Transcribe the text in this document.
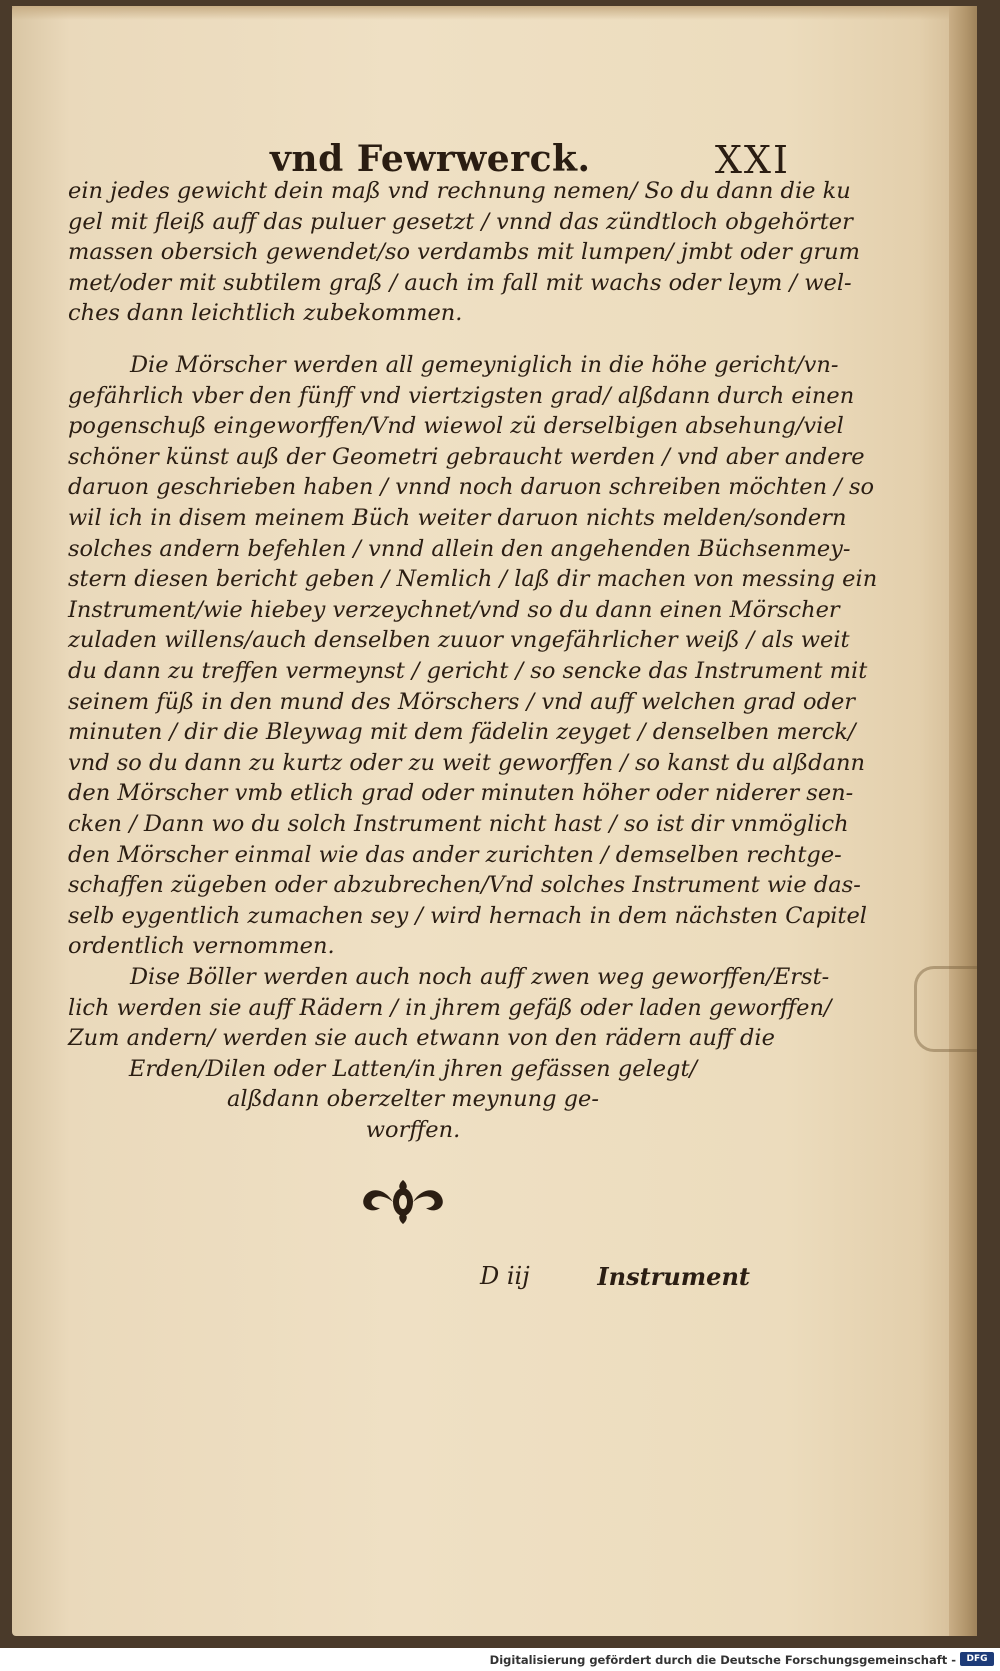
vnd Fewrwerck.	XXI
ein jedes gewicht dein maß vnd rechnung nemen/ So du dann die ku
gel mit fleiß auff das puluer gesetzt / vnnd das zündtloch obgehörter
massen obersich gewendet/so verdambs mit lumpen/ jmbt oder grum
met/oder mit subtilem graß / auch im fall mit wachs oder leym / wel-
ches dann leichtlich zubekommen.
Die Mörscher werden all gemeyniglich in die höhe gericht/vn-
gefährlich vber den fünff vnd viertzigsten grad/ alßdann durch einen
pogenschuß eingeworffen/Vnd wiewol zü derselbigen absehung/viel
schöner künst auß der Geometri gebraucht werden / vnd aber andere
daruon geschrieben haben / vnnd noch daruon schreiben möchten / so
wil ich in disem meinem Büch weiter daruon nichts melden/sondern
solches andern befehlen / vnnd allein den angehenden Büchsenmey-
stern diesen bericht geben / Nemlich / laß dir machen von messing ein
Instrument/wie hiebey verzeychnet/vnd so du dann einen Mörscher
zuladen willens/auch denselben zuuor vngefährlicher weiß / als weit
du dann zu treffen vermeynst / gericht / so sencke das Instrument mit
seinem füß in den mund des Mörschers / vnd auff welchen grad oder
minuten / dir die Bleywag mit dem fädelin zeyget / denselben merck/
vnd so du dann zu kurtz oder zu weit geworffen / so kanst du alßdann
den Mörscher vmb etlich grad oder minuten höher oder niderer sen-
cken / Dann wo du solch Instrument nicht hast / so ist dir vnmöglich
den Mörscher einmal wie das ander zurichten / demselben rechtge-
schaffen zügeben oder abzubrechen/Vnd solches Instrument wie das-
selb eygentlich zumachen sey / wird hernach in dem nächsten Capitel
ordentlich vernommen.
Dise Böller werden auch noch auff zwen weg geworffen/Erst-
lich werden sie auff Rädern / in jhrem gefäß oder laden geworffen/
Zum andern/ werden sie auch etwann von den rädern auff die
Erden/Dilen oder Latten/in jhren gefässen gelegt/
alßdann oberzelter meynung ge-
worffen.
D iij	Instrument
Digitalisierung gefördert durch die Deutsche Forschungsgemeinschaft -	DFG
